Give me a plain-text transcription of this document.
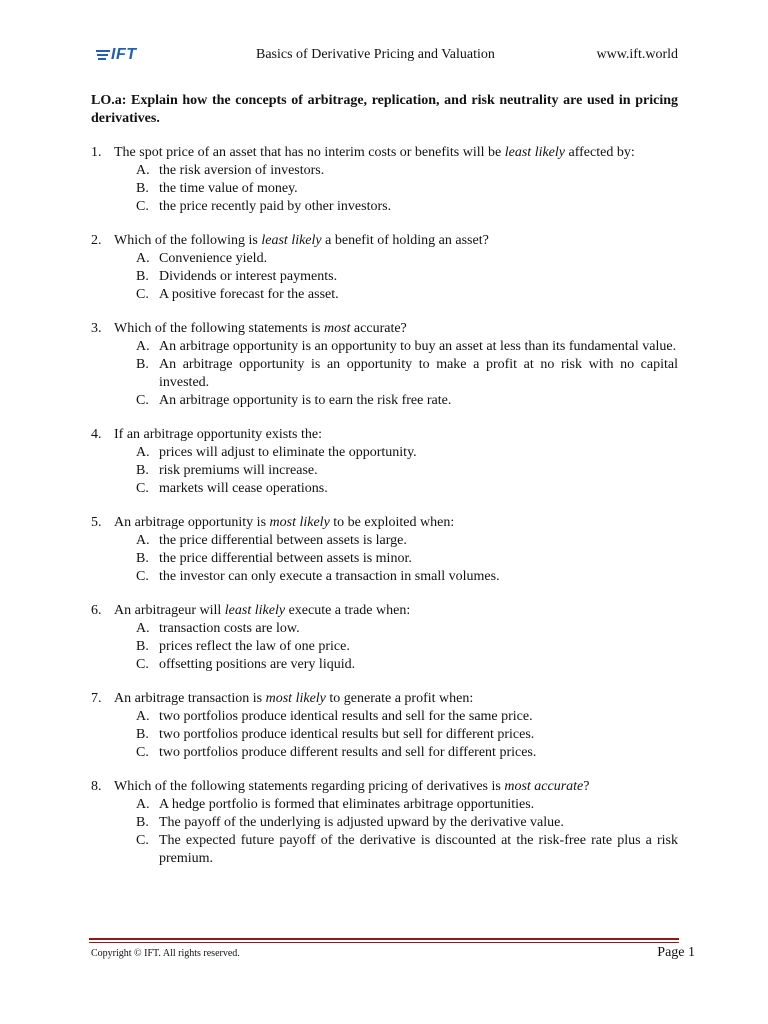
IFT	Basics of Derivative Pricing and Valuation	www.ift.world

LO.a: Explain how the concepts of arbitrage, replication, and risk neutrality are used in pricing derivatives.

1. The spot price of an asset that has no interim costs or benefits will be least likely affected by:
A. the risk aversion of investors.
B. the time value of money.
C. the price recently paid by other investors.
2. Which of the following is least likely a benefit of holding an asset?
A. Convenience yield.
B. Dividends or interest payments.
C. A positive forecast for the asset.
3. Which of the following statements is most accurate?
A. An arbitrage opportunity is an opportunity to buy an asset at less than its fundamental value.
B. An arbitrage opportunity is an opportunity to make a profit at no risk with no capital invested.
C. An arbitrage opportunity is to earn the risk free rate.
4. If an arbitrage opportunity exists the:
A. prices will adjust to eliminate the opportunity.
B. risk premiums will increase.
C. markets will cease operations.
5. An arbitrage opportunity is most likely to be exploited when:
A. the price differential between assets is large.
B. the price differential between assets is minor.
C. the investor can only execute a transaction in small volumes.
6. An arbitrageur will least likely execute a trade when:
A. transaction costs are low.
B. prices reflect the law of one price.
C. offsetting positions are very liquid.
7. An arbitrage transaction is most likely to generate a profit when:
A. two portfolios produce identical results and sell for the same price.
B. two portfolios produce identical results but sell for different prices.
C. two portfolios produce different results and sell for different prices.
8. Which of the following statements regarding pricing of derivatives is most accurate?
A. A hedge portfolio is formed that eliminates arbitrage opportunities.
B. The payoff of the underlying is adjusted upward by the derivative value.
C. The expected future payoff of the derivative is discounted at the risk-free rate plus a risk premium.
Copyright © IFT. All rights reserved.	Page 1
